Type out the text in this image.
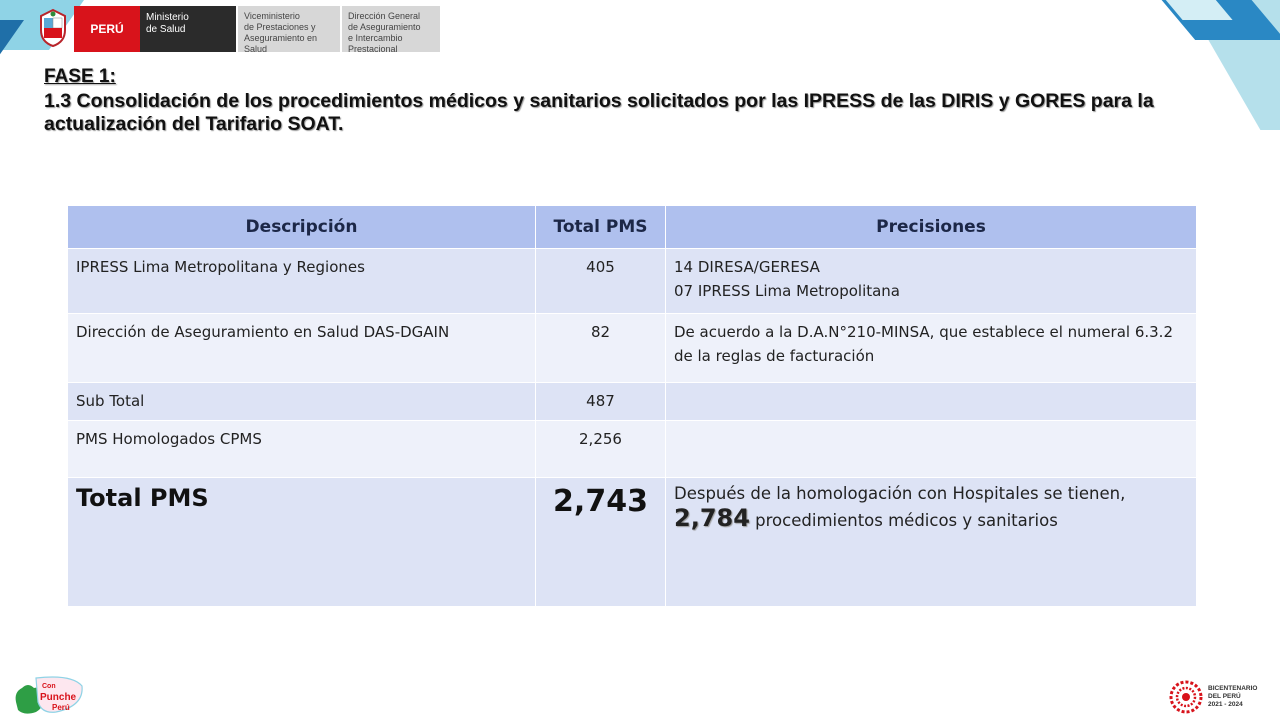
PERÚ
Ministerio
de Salud
Viceministerio
de Prestaciones y
Aseguramiento en Salud
Dirección General
de Aseguramiento
e Intercambio Prestacional
FASE 1:
1.3 Consolidación de los procedimientos médicos y sanitarios solicitados por las IPRESS de las DIRIS y GORES para la actualización del Tarifario SOAT.
Descripción	Total PMS	Precisiones
IPRESS Lima Metropolitana y Regiones	405	14 DIRESA/GERESA
07 IPRESS Lima Metropolitana

Dirección de Aseguramiento en Salud DAS-DGAIN	82	De acuerdo a la D.A.N°210-MINSA, que establece el numeral 6.3.2 de la reglas de facturación
Sub Total	487	
PMS Homologados CPMS	2,256	
Total PMS	2,743	Después de la homologación con Hospitales se tienen, 2,784 procedimientos médicos y sanitarios
Con
Punche
Perú
BICENTENARIO
DEL PERÚ
2021 - 2024
